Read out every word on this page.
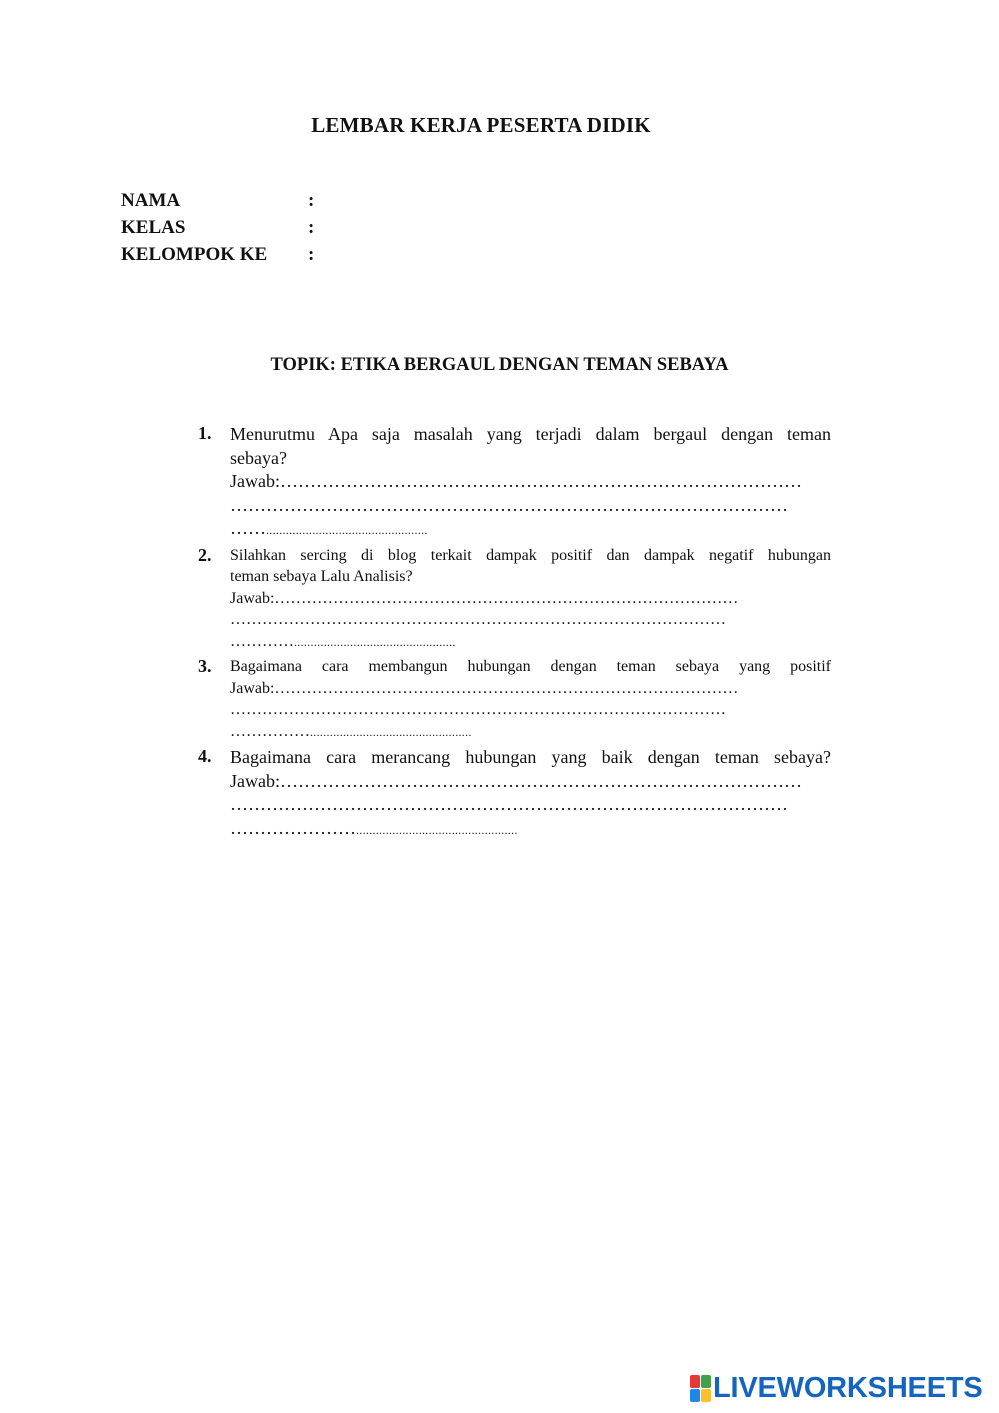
LEMBAR KERJA PESERTA DIDIK
NAMA	:
KELAS	:
KELOMPOK KE :
TOPIK: ETIKA BERGAUL DENGAN TEMAN SEBAYA
1. Menurutmu Apa saja masalah yang terjadi dalam bergaul dengan teman
sebaya?
Jawab:……………………………………………………………………………
…………………………………………………………………………………
…….................................................
2. Silahkan sercing di blog terkait dampak positif dan dampak negatif hubungan
teman sebaya Lalu Analisis?
Jawab:……………………………………………………………………………
…………………………………………………………………………………
………….................................................
3. Bagaimana cara membangun hubungan dengan teman sebaya yang positif
Jawab:……………………………………………………………………………
…………………………………………………………………………………
…………….................................................
4. Bagaimana cara merancang hubungan yang baik dengan teman sebaya?
Jawab:……………………………………………………………………………
…………………………………………………………………………………
………………….................................................
LIVEWORKSHEETS
